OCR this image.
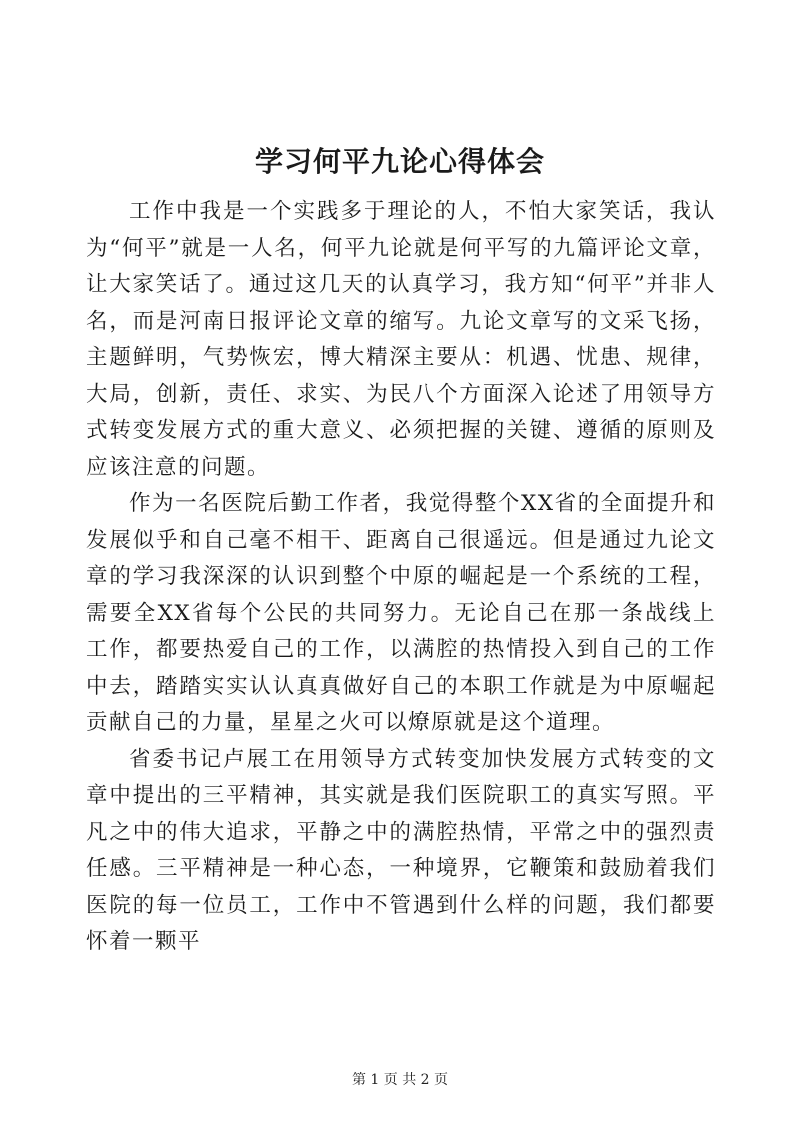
学习何平九论心得体会

工作中我是一个实践多于理论的人，不怕大家笑话，我认为“何平”就是一人名，何平九论就是何平写的九篇评论文章，让大家笑话了。通过这几天的认真学习，我方知“何平”并非人名，而是河南日报评论文章的缩写。九论文章写的文采飞扬，主题鲜明，气势恢宏，博大精深主要从：机遇、忧患、规律，大局，创新，责任、求实、为民八个方面深入论述了用领导方式转变发展方式的重大意义、必须把握的关键、遵循的原则及应该注意的问题。

作为一名医院后勤工作者，我觉得整个XX省的全面提升和发展似乎和自己毫不相干、距离自己很遥远。但是通过九论文章的学习我深深的认识到整个中原的崛起是一个系统的工程，需要全XX省每个公民的共同努力。无论自己在那一条战线上工作，都要热爱自己的工作，以满腔的热情投入到自己的工作中去，踏踏实实认认真真做好自己的本职工作就是为中原崛起贡献自己的力量，星星之火可以燎原就是这个道理。

省委书记卢展工在用领导方式转变加快发展方式转变的文章中提出的三平精神，其实就是我们医院职工的真实写照。平凡之中的伟大追求，平静之中的满腔热情，平常之中的强烈责任感。三平精神是一种心态，一种境界，它鞭策和鼓励着我们医院的每一位员工，工作中不管遇到什么样的问题，我们都要怀着一颗平

第 1 页 共 2 页
